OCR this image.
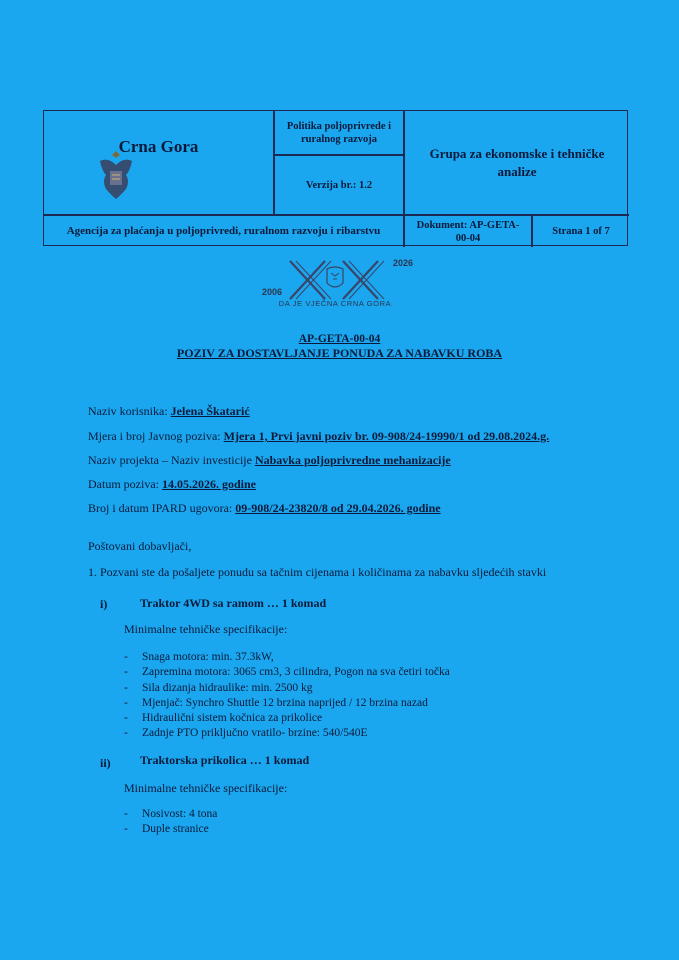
Crna Gora
Politika poljoprivrede i ruralnog razvoja
Verzija br.: 1.2
Grupa za ekonomske i tehničke analize
Agencija za plaćanja u poljoprivredi, ruralnom razvoju i ribarstvu	Dokument: AP-GETA-00-04
Strana 1 of 7
2006
2026
DA JE VJEČNA CRNA GORA
AP-GETA-00-04
POZIV ZA DOSTAVLJANJE PONUDA ZA NABAVKU ROBA
Naziv korisnika: Jelena Škatarić
Mjera i broj Javnog poziva: Mjera 1, Prvi javni poziv br. 09-908/24-19990/1 od 29.08.2024.g.
Naziv projekta – Naziv investicije Nabavka poljoprivredne mehanizacije
Datum poziva: 14.05.2026. godine
Broj i datum IPARD ugovora: 09-908/24-23820/8 od 29.04.2026. godine
Poštovani dobavljači,
1. Pozvani ste da pošaljete ponudu sa tačnim cijenama i količinama za nabavku sljedećih stavki
i)	Traktor 4WD sa ramom … 1 komad
Minimalne tehničke specifikacije:
- Snaga motora: min. 37.3kW,
- Zapremina motora: 3065 cm3, 3 cilindra, Pogon na sva četiri točka
- Sila dizanja hidraulike: min. 2500 kg
- Mjenjač: Synchro Shuttle 12 brzina naprijed / 12 brzina nazad
- Hidraulični sistem kočnica za prikolice
- Zadnje PTO priključno vratilo- brzine: 540/540E
ii) Traktorska prikolica … 1 komad
Minimalne tehničke specifikacije:
- Nosivost: 4 tona
- Duple stranice
